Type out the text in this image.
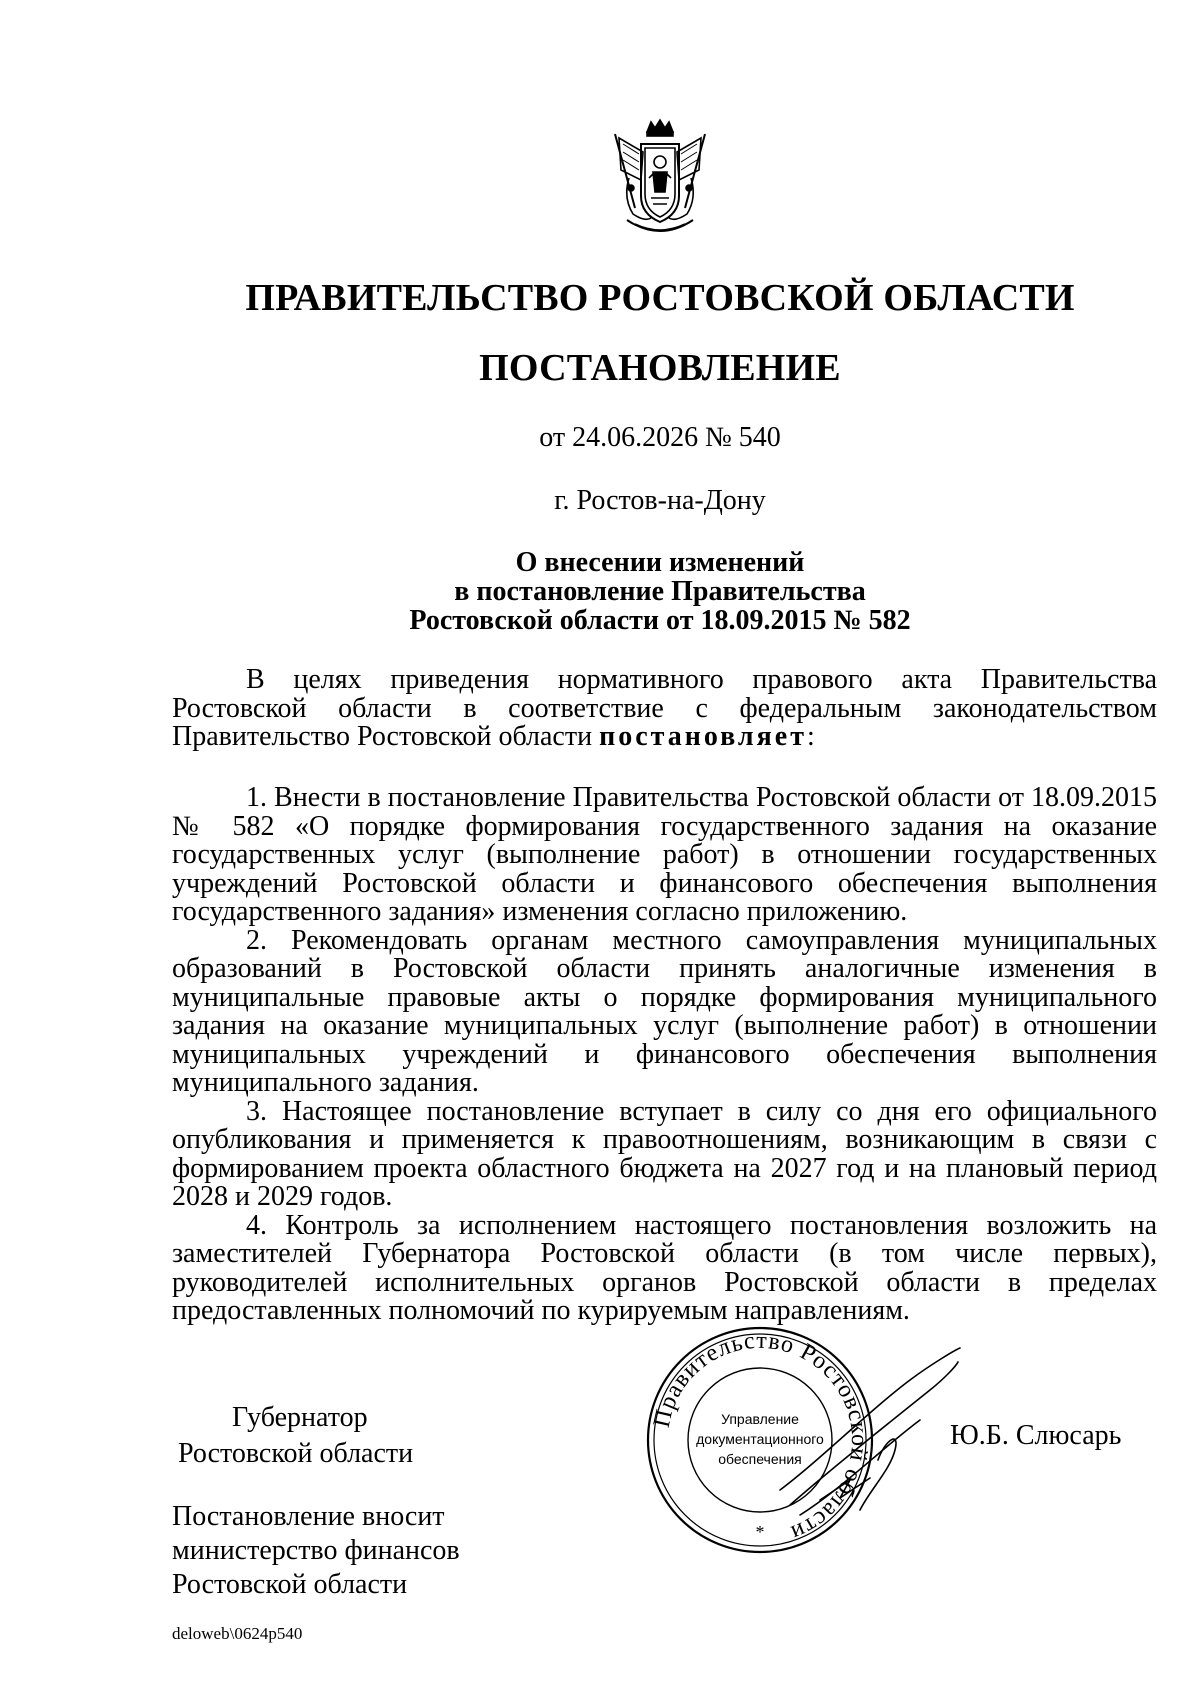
ПРАВИТЕЛЬСТВО РОСТОВСКОЙ ОБЛАСТИ
ПОСТАНОВЛЕНИЕ
от 24.06.2026 № 540
г. Ростов-на-Дону
О внесении изменений
в постановление Правительства
Ростовской области от 18.09.2015 № 582

В целях приведения нормативного правового акта Правительства Ростовской области в соответствие с федеральным законодательством Правительство Ростовской области постановляет:

1. Внести в постановление Правительства Ростовской области от 18.09.2015 № 582 «О порядке формирования государственного задания на оказание государственных услуг (выполнение работ) в отношении государственных учреждений Ростовской области и финансового обеспечения выполнения государственного задания» изменения согласно приложению.

2. Рекомендовать органам местного самоуправления муниципальных образований в Ростовской области принять аналогичные изменения в муниципальные правовые акты о порядке формирования муниципального задания на оказание муниципальных услуг (выполнение работ) в отношении муниципальных учреждений и финансового обеспечения выполнения муниципального задания.

3. Настоящее постановление вступает в силу со дня его официального опубликования и применяется к правоотношениям, возникающим в связи с формированием проекта областного бюджета на 2027 год и на плановый период 2028 и 2029 годов.

4. Контроль за исполнением настоящего постановления возложить на заместителей Губернатора Ростовской области (в том числе первых), руководителей исполнительных органов Ростовской области в пределах предоставленных полномочий по курируемым направлениям.

Губернатор
Ростовской области
Правительство Ростовской области
Управление
документационного
обеспечения
*
Ю.Б. Слюсарь
Постановление вносит
министерство финансов
Ростовской области
deloweb\0624p540
